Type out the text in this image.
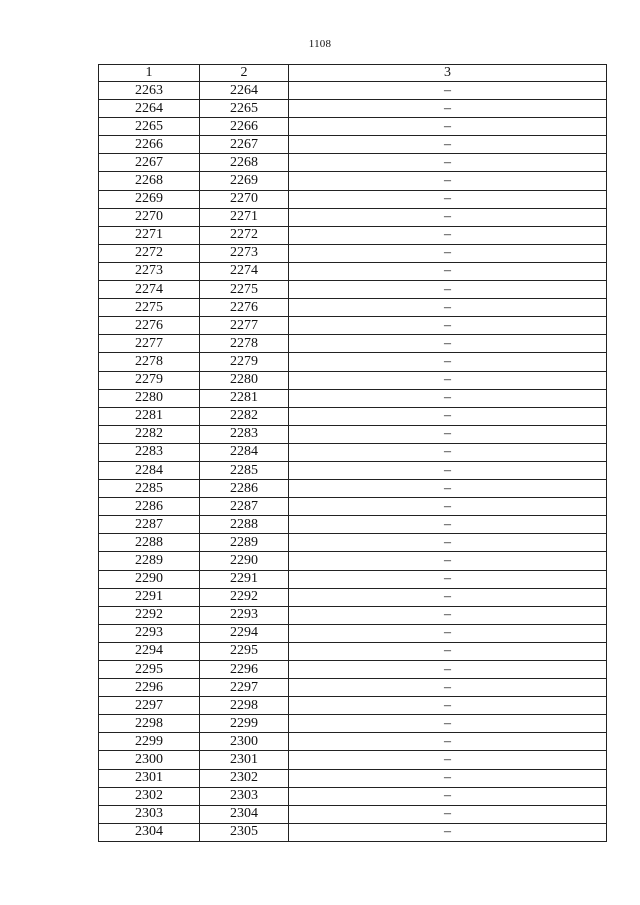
1108
1	2	3
2263	2264	–
2264	2265	–
2265	2266	–
2266	2267	–
2267	2268	–
2268	2269	–
2269	2270	–
2270	2271	–
2271	2272	–
2272	2273	–
2273	2274	–
2274	2275	–
2275	2276	–
2276	2277	–
2277	2278	–
2278	2279	–
2279	2280	–
2280	2281	–
2281	2282	–
2282	2283	–
2283	2284	–
2284	2285	–
2285	2286	–
2286	2287	–
2287	2288	–
2288	2289	–
2289	2290	–
2290	2291	–
2291	2292	–
2292	2293	–
2293	2294	–
2294	2295	–
2295	2296	–
2296	2297	–
2297	2298	–
2298	2299	–
2299	2300	–
2300	2301	–
2301	2302	–
2302	2303	–
2303	2304	–
2304	2305	–
